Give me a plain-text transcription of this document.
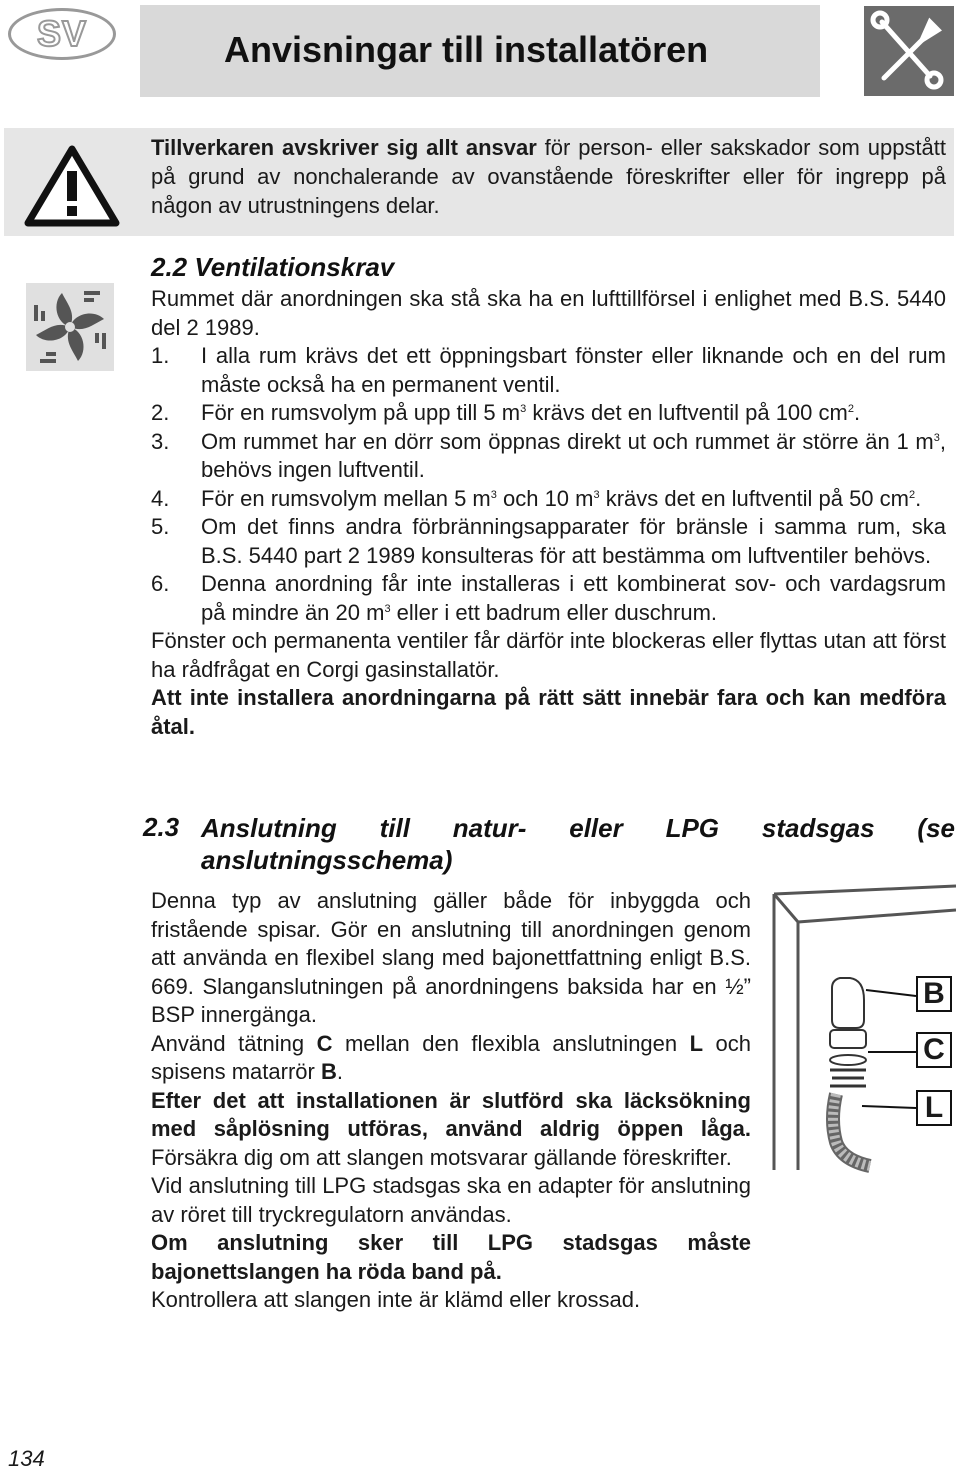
SV	Anvisningar till installatören

Tillverkaren avskriver sig allt ansvar för person- eller sakskador som uppstått på grund av nonchalerande av ovanstående föreskrifter eller för ingrepp på någon av utrustningens delar.

2.2 Ventilationskrav

Rummet där anordningen ska stå ska ha en lufttillförsel i enlighet med B.S. 5440 del 2 1989.

1.	I alla rum krävs det ett öppningsbart fönster eller liknande och en del rum måste också ha en permanent ventil.
2.	För en rumsvolym på upp till 5 $m^3$ krävs det en luftventil på 100 $cm^2$.
3.	Om rummet har en dörr som öppnas direkt ut och rummet är större än 1 $m^3$, behövs ingen luftventil.
4.	För en rumsvolym mellan 5 $m^3$ och 10 $m^3$ krävs det en luftventil på 50 $cm^2$.
5.	Om det finns andra förbränningsapparater för bränsle i samma rum, ska B.S. 5440 part 2 1989 konsulteras för att bestämma om luftventiler behövs.
6.	Denna anordning får inte installeras i ett kombinerat sov- och vardagsrum på mindre än 20 $m^3$ eller i ett badrum eller duschrum.

Fönster och permanenta ventiler får därför inte blockeras eller flyttas utan att först ha rådfrågat en Corgi gasinstallatör.

Att inte installera anordningarna på rätt sätt innebär fara och kan medföra åtal.

2.3 Anslutning till natur- eller LPG stadsgas (se anslutningsschema)

Denna typ av anslutning gäller både för inbyggda och fristående spisar. Gör en anslutning till anordningen genom att använda en flexibel slang med bajonettfattning enligt B.S. 669. Slanganslutningen på anordningens baksida har en ½” BSP innergänga.

Använd tätning C mellan den flexibla anslutningen L och spisens matarrör B.

Efter det att installationen är slutförd ska läcksökning med såplösning utföras, använd aldrig öppen låga. Försäkra dig om att slangen motsvarar gällande föreskrifter.

Vid anslutning till LPG stadsgas ska en adapter för anslutning av röret till tryckregulatorn användas.

Om anslutning sker till LPG stadsgas måste bajonettslangen ha röda band på.

Kontrollera att slangen inte är klämd eller krossad.

B
C
L
134
